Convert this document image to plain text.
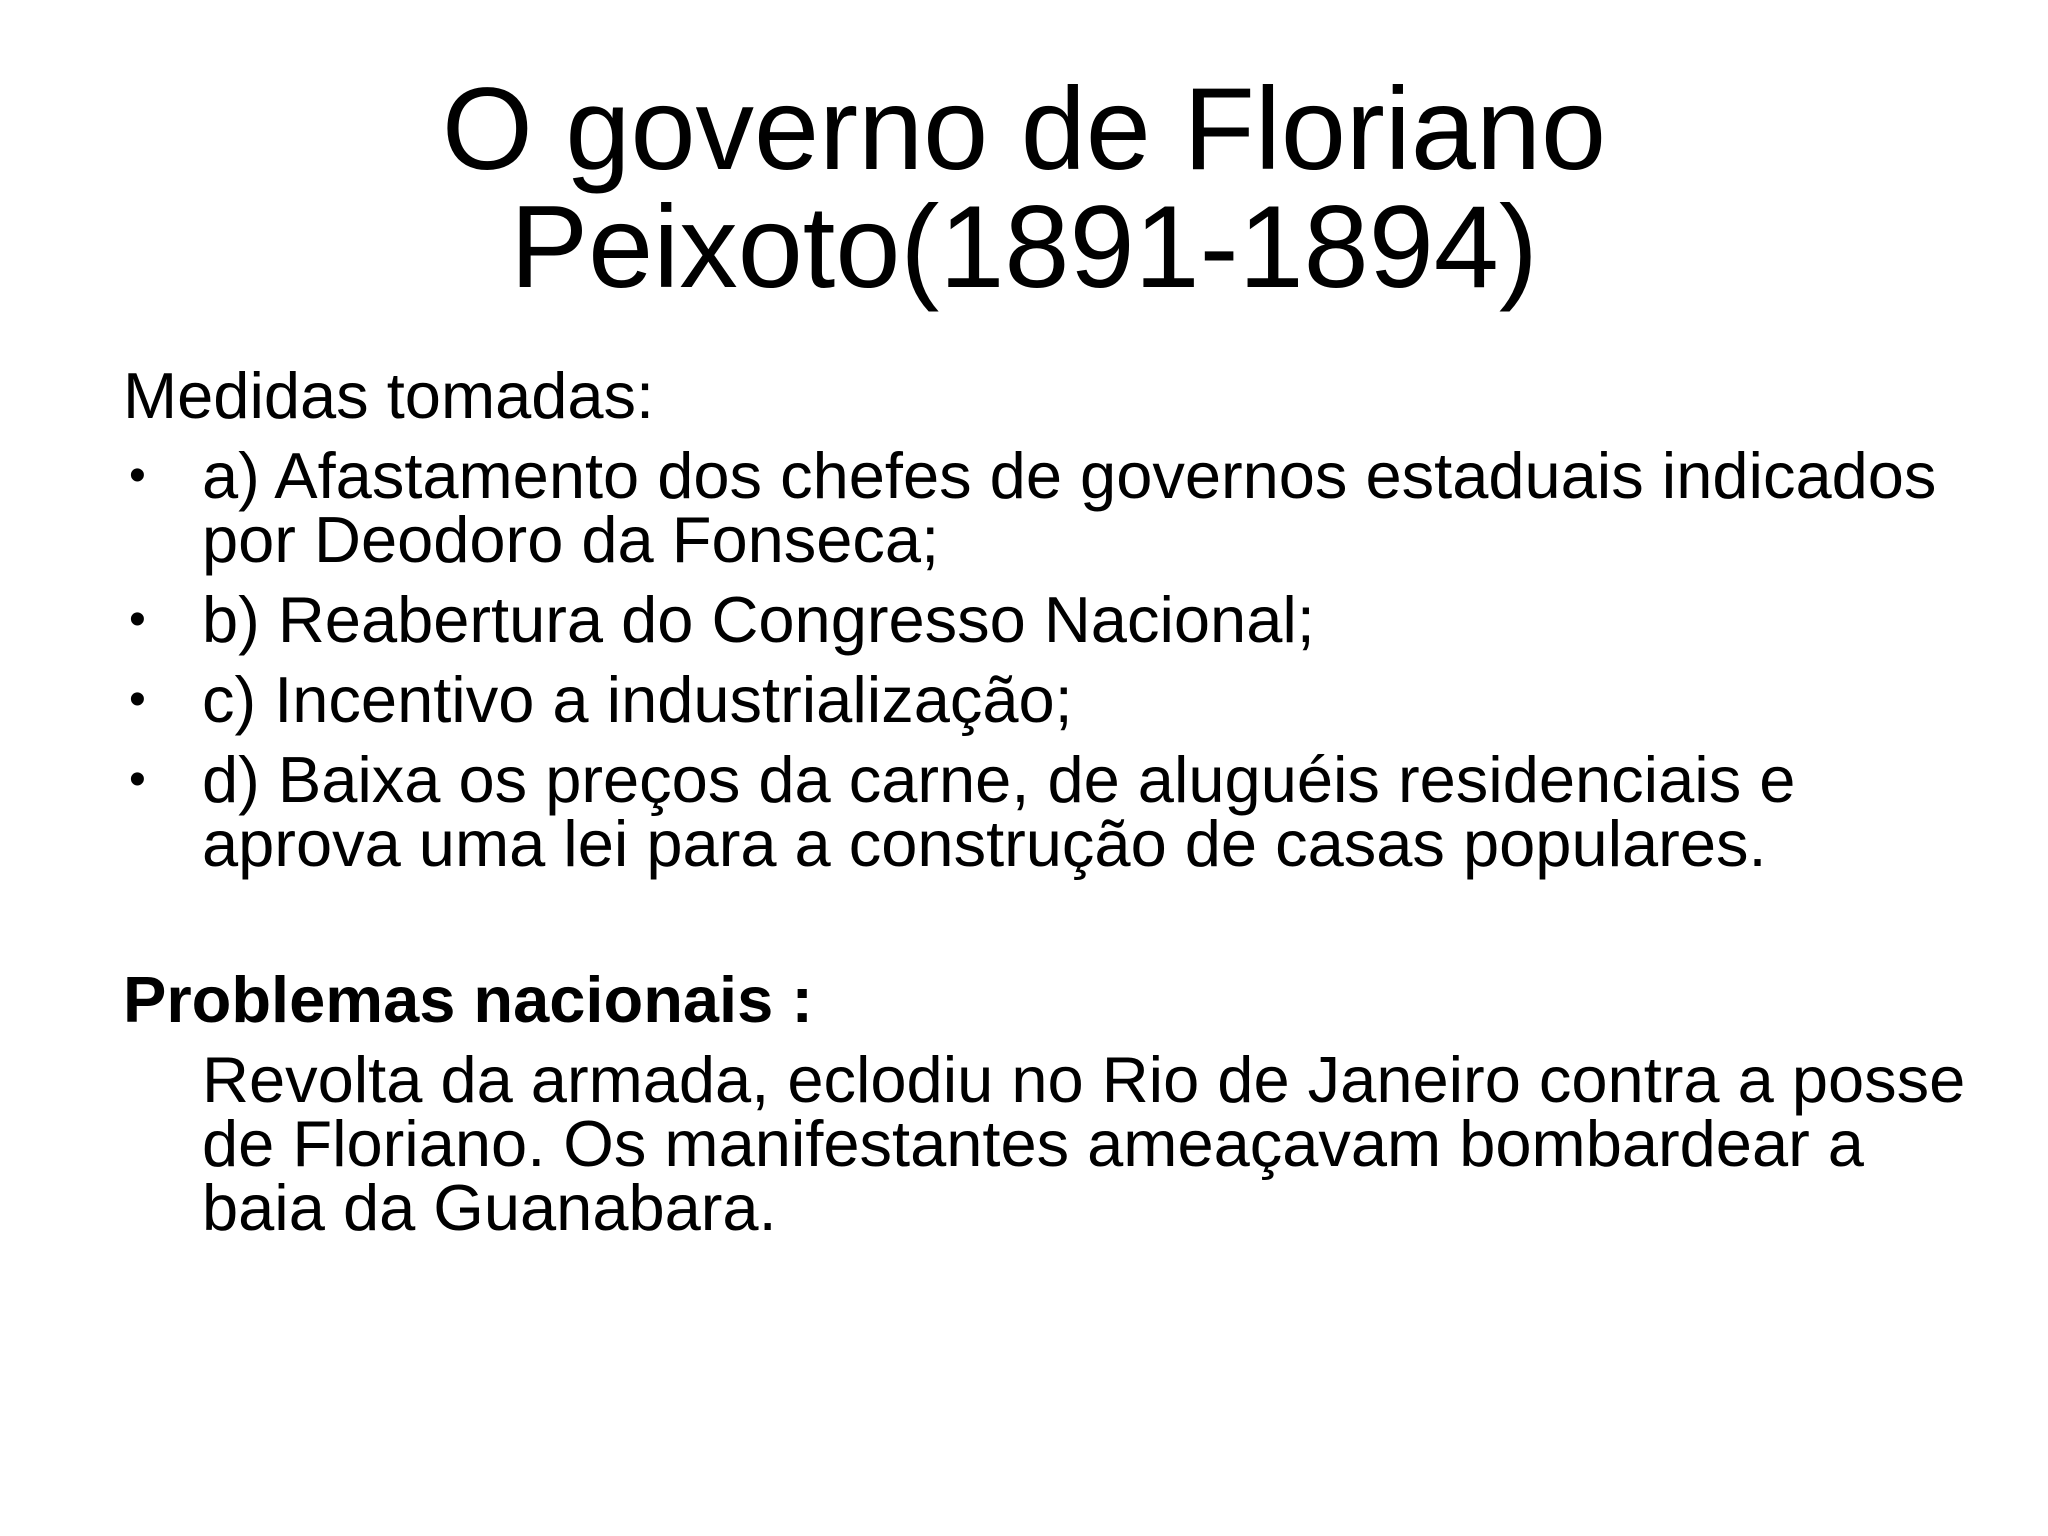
O governo de Floriano
Peixoto(1891-1894)
Medidas tomadas:
• a) Afastamento dos chefes de governos estaduais indicados por Deodoro da Fonseca;
• b) Reabertura do Congresso Nacional;
• c) Incentivo a industrialização;
• d) Baixa os preços da carne, de aluguéis residenciais e aprova uma lei para a construção de casas populares.
Problemas nacionais :
Revolta da armada, eclodiu no Rio de Janeiro contra a posse de Floriano. Os manifestantes ameaçavam bombardear a baia da Guanabara.
